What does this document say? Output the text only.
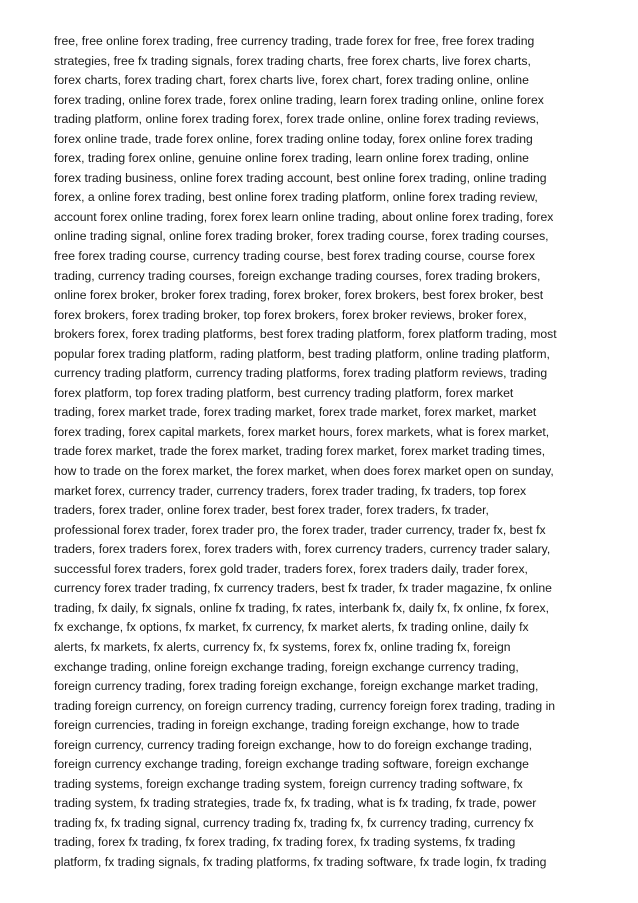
free, free online forex trading, free currency trading, trade forex for free, free forex trading
strategies, free fx trading signals, forex trading charts, free forex charts, live forex charts,
forex charts, forex trading chart, forex charts live, forex chart, forex trading online, online
forex trading, online forex trade, forex online trading, learn forex trading online, online forex
trading platform, online forex trading forex, forex trade online, online forex trading reviews,
forex online trade, trade forex online, forex trading online today, forex online forex trading
forex, trading forex online, genuine online forex trading, learn online forex trading, online
forex trading business, online forex trading account, best online forex trading, online trading
forex, a online forex trading, best online forex trading platform, online forex trading review,
account forex online trading, forex forex learn online trading, about online forex trading, forex
online trading signal, online forex trading broker, forex trading course, forex trading courses,
free forex trading course, currency trading course, best forex trading course, course forex
trading, currency trading courses, foreign exchange trading courses, forex trading brokers,
online forex broker, broker forex trading, forex broker, forex brokers, best forex broker, best
forex brokers, forex trading broker, top forex brokers, forex broker reviews, broker forex,
brokers forex, forex trading platforms, best forex trading platform, forex platform trading, most
popular forex trading platform, rading platform, best trading platform, online trading platform,
currency trading platform, currency trading platforms, forex trading platform reviews, trading
forex platform, top forex trading platform, best currency trading platform, forex market
trading, forex market trade, forex trading market, forex trade market, forex market, market
forex trading, forex capital markets, forex market hours, forex markets, what is forex market,
trade forex market, trade the forex market, trading forex market, forex market trading times,
how to trade on the forex market, the forex market, when does forex market open on sunday,
market forex, currency trader, currency traders, forex trader trading, fx traders, top forex
traders, forex trader, online forex trader, best forex trader, forex traders, fx trader,
professional forex trader, forex trader pro, the forex trader, trader currency, trader fx, best fx
traders, forex traders forex, forex traders with, forex currency traders, currency trader salary,
successful forex traders, forex gold trader, traders forex, forex traders daily, trader forex,
currency forex trader trading, fx currency traders, best fx trader, fx trader magazine, fx online
trading, fx daily, fx signals, online fx trading, fx rates, interbank fx, daily fx, fx online, fx forex,
fx exchange, fx options, fx market, fx currency, fx market alerts, fx trading online, daily fx
alerts, fx markets, fx alerts, currency fx, fx systems, forex fx, online trading fx, foreign
exchange trading, online foreign exchange trading, foreign exchange currency trading,
foreign currency trading, forex trading foreign exchange, foreign exchange market trading,
trading foreign currency, on foreign currency trading, currency foreign forex trading, trading in
foreign currencies, trading in foreign exchange, trading foreign exchange, how to trade
foreign currency, currency trading foreign exchange, how to do foreign exchange trading,
foreign currency exchange trading, foreign exchange trading software, foreign exchange
trading systems, foreign exchange trading system, foreign currency trading software, fx
trading system, fx trading strategies, trade fx, fx trading, what is fx trading, fx trade, power
trading fx, fx trading signal, currency trading fx, trading fx, fx currency trading, currency fx
trading, forex fx trading, fx forex trading, fx trading forex, fx trading systems, fx trading
platform, fx trading signals, fx trading platforms, fx trading software, fx trade login, fx trading
